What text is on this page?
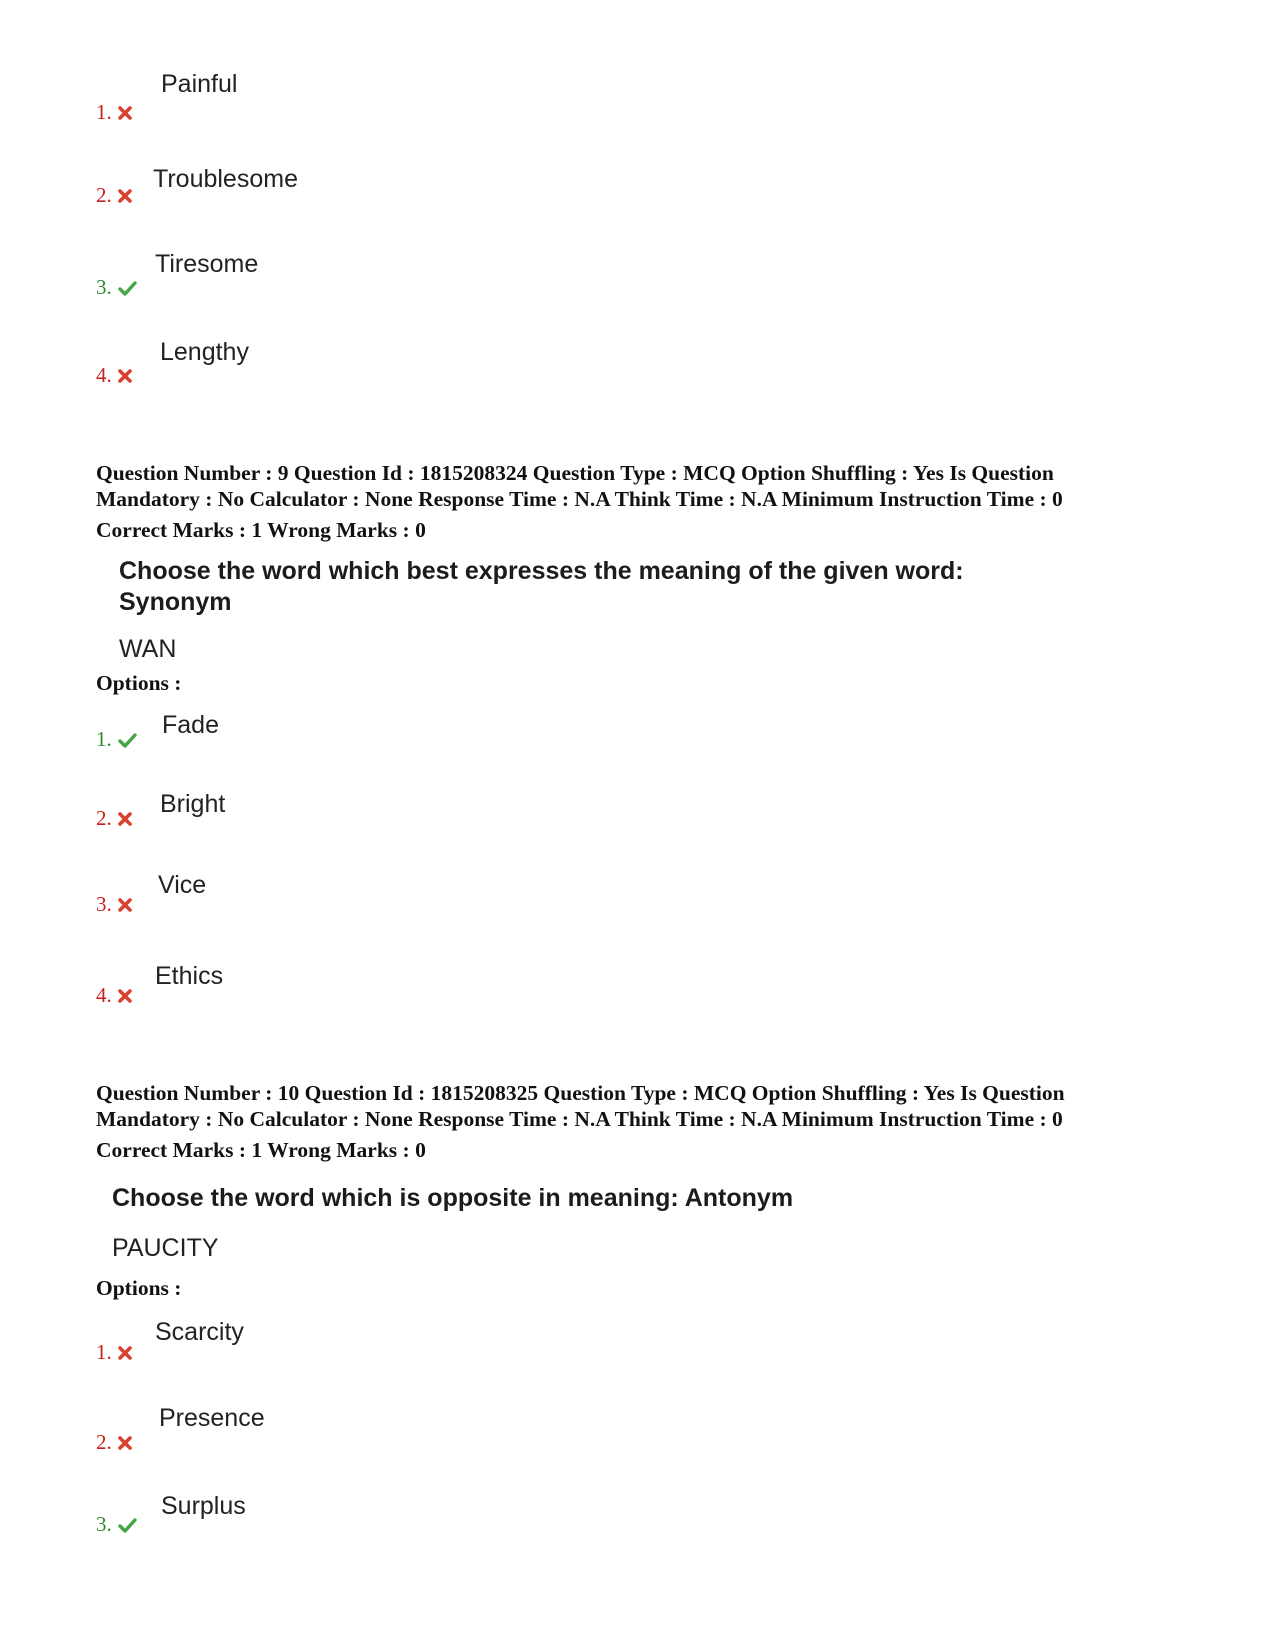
Painful
1.
Troublesome
2.
Tiresome
3.
Lengthy
4.
Question Number : 9 Question Id : 1815208324 Question Type : MCQ Option Shuffling : Yes Is Question
Mandatory : No Calculator : None Response Time : N.A Think Time : N.A Minimum Instruction Time : 0
Correct Marks : 1 Wrong Marks : 0
Choose the word which best expresses the meaning of the given word:
Synonym
WAN
Options :
Fade
1.
Bright
2.
Vice
3.
Ethics
4.
Question Number : 10 Question Id : 1815208325 Question Type : MCQ Option Shuffling : Yes Is Question
Mandatory : No Calculator : None Response Time : N.A Think Time : N.A Minimum Instruction Time : 0
Correct Marks : 1 Wrong Marks : 0
Choose the word which is opposite in meaning: Antonym
PAUCITY
Options :
Scarcity
1.
Presence
2.
Surplus
3.
